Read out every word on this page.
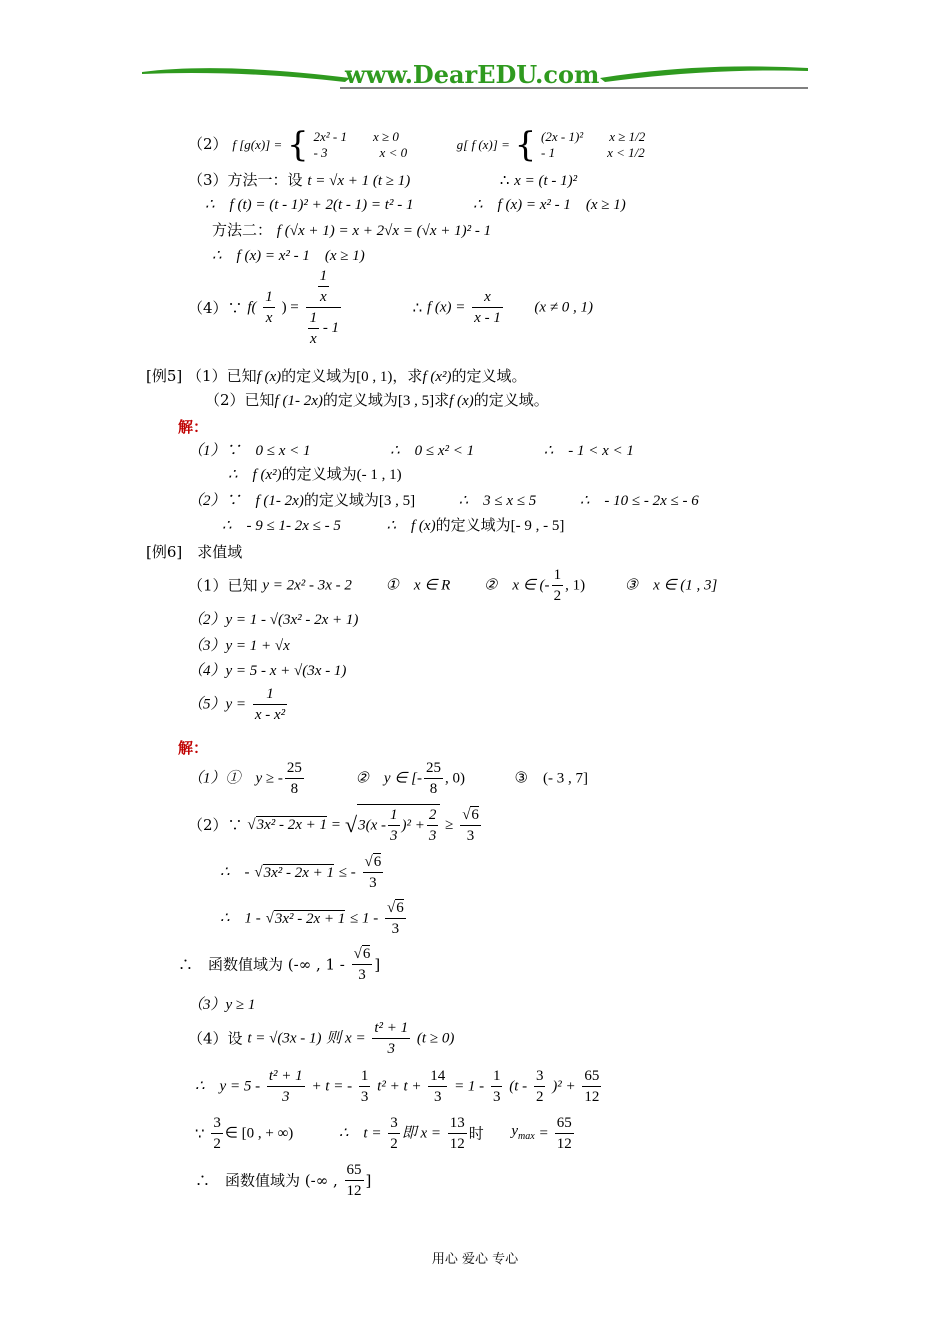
www.DearEDU.com
（2） f [g(x)] = { 2x² - 1　　x ≥ 0
- 3　　　　x < 0
g[ f (x)] = { (2x - 1)²　　x ≥ 1/2
- 1　　　　x < 1/2
（3）方法一：设 t = √x + 1 (t ≥ 1)	∴ x = (t - 1)²
∴　f (t) = (t - 1)² + 2(t - 1) = t² - 1	∴　f (x) = x² - 1　(x ≥ 1)
方法二： f (√x + 1) = x + 2√x = (√x + 1)² - 1
∴　f (x) = x² - 1　(x ≥ 1)
（4）∵ $f( \frac{1}{x}$ ) = $\frac{\frac{1}{x}}{\frac{1}{x} - 1}$	∴ f $(x) = \frac{x}{x - 1} (x \ne 0$ , 1)
[例5] （1）已知f (x)的定义域为[0 , 1)，求f (x²)的定义域。
（2）已知f (1- 2x)的定义域为[3 , 5]求f (x)的定义域。
解：
（1）∵　0 ≤ x < 1	∴　0 ≤ x² < 1	∴　- 1 < x < 1
∴　f (x²)的定义域为(- 1 , 1)
（2）∵　f (1- 2x)的定义域为[3 , 5]	∴　3 ≤ x ≤ 5	∴　- 10 ≤ - 2x ≤ - 6
∴　- 9 ≤ 1- 2x ≤ - 5	∴　f (x)的定义域为[- 9 , - 5]
[例6]　求值域
（1）已知 y = 2x² - 3x - 2 ①　x ∈ R ②　x ∈ (- $\frac{1}{2}$ , 1)	③　x ∈ (1 , 3]
（2）y = 1 - √(3x² - 2x + 1)
（3）y = 1 + √x
（4）y = 5 - x + √(3x - 1)
$(5)y = \frac{1}{\text{x - x²}}$
解：
（1）①　y ≥ - $\frac{25}{8}$	②　y ∈ [- $\frac{25}{8}$ , 0)	③　(- 3 , 7]
（2）∵ $√3x^2 - 2x + 1 = √3(x - \frac{1}{3} )^2 + \frac{2}{3} \ge \frac{√6}{3}$
∴　- √3x² - 2x + 1 ≤ - $\frac{√6}{3}$
∴　$1 - √3x^2 - 2x + 1 \le 1 - \frac{√6}{3}$
∴　函数值域为 (-∞ , $1 - \frac{√6}{3}$ ]
（3）y ≥ 1
（4）设 t = √(3x - 1) 则 $x = \frac{\text{t² + 1}}{3} (t \ge 0)$
∴　$y = 5 - \frac{\text{t² + 1}}{3} + t$ = - $\frac{1}{3} t^2 + t + \frac{14}{3} = 1 - \frac{1}{3} (t - \frac{3}{2} )^2 + \frac{65}{12}$
∵ $\frac{3}{2}$ ∈ [0 , + ∞)	∴　$t = \frac{3}{2}$ 即 $x = \frac{13}{12}$ 时 $y_{max} = \frac{65}{12}$
∴　函数值域为 (-∞ , $\frac{65}{12}$ ]
用心 爱心 专心
